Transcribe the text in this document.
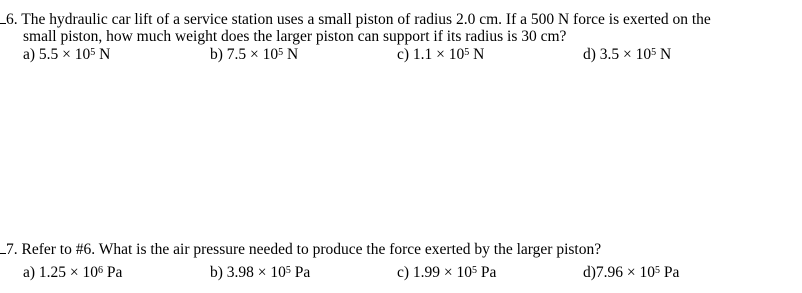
6. The hydraulic car lift of a service station uses a small piston of radius 2.0 cm. If a 500 N force is exerted on the
small piston, how much weight does the larger piston can support if its radius is 30 cm?
a) $5.5 \times 10^5$ N	b) $7.5 \times 10^5$ N	c) $1.1 \times 10^5$ N	d) $3.5 \times 10^5$ N
7. Refer to #6. What is the air pressure needed to produce the force exerted by the larger piston?
a) $1.25 \times 10^6$ Pa	b) $3.98 \times 10^5$ Pa	c) $1.99 \times 10^5$ Pa	$d)7.96 \times 10^5$ Pa
